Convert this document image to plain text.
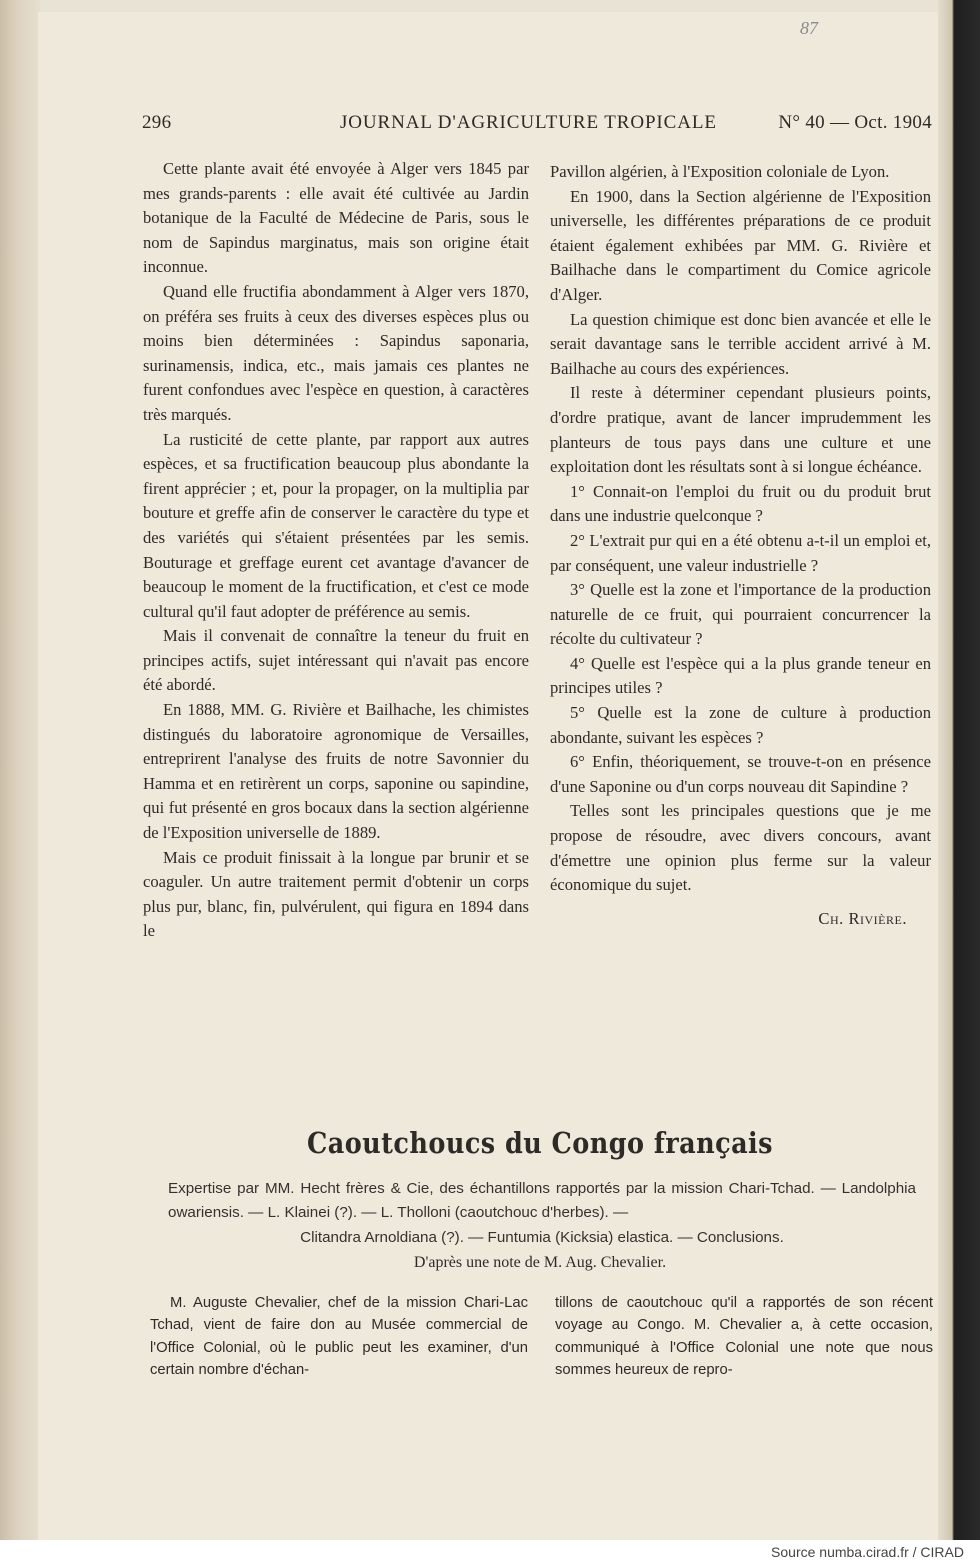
87
296	JOURNAL D'AGRICULTURE TROPICALE	N° 40 — Oct. 1904

Cette plante avait été envoyée à Alger vers 1845 par mes grands-parents : elle avait été cultivée au Jardin botanique de la Faculté de Médecine de Paris, sous le nom de Sapindus marginatus, mais son origine était inconnue.

Quand elle fructifia abondamment à Alger vers 1870, on préféra ses fruits à ceux des diverses espèces plus ou moins bien déterminées : Sapindus saponaria, surinamensis, indica, etc., mais jamais ces plantes ne furent confondues avec l'espèce en question, à caractères très marqués.

La rusticité de cette plante, par rapport aux autres espèces, et sa fructification beaucoup plus abondante la firent apprécier ; et, pour la propager, on la multiplia par bouture et greffe afin de conserver le caractère du type et des variétés qui s'étaient présentées par les semis. Bouturage et greffage eurent cet avantage d'avancer de beaucoup le moment de la fructification, et c'est ce mode cultural qu'il faut adopter de préférence au semis.

Mais il convenait de connaître la teneur du fruit en principes actifs, sujet intéressant qui n'avait pas encore été abordé.

En 1888, MM. G. Rivière et Bailhache, les chimistes distingués du laboratoire agronomique de Versailles, entreprirent l'analyse des fruits de notre Savonnier du Hamma et en retirèrent un corps, saponine ou sapindine, qui fut présenté en gros bocaux dans la section algérienne de l'Exposition universelle de 1889.

Mais ce produit finissait à la longue par brunir et se coaguler. Un autre traitement permit d'obtenir un corps plus pur, blanc, fin, pulvérulent, qui figura en 1894 dans le

Pavillon algérien, à l'Exposition coloniale de Lyon.

En 1900, dans la Section algérienne de l'Exposition universelle, les différentes préparations de ce produit étaient également exhibées par MM. G. Rivière et Bailhache dans le compartiment du Comice agricole d'Alger.

La question chimique est donc bien avancée et elle le serait davantage sans le terrible accident arrivé à M. Bailhache au cours des expériences.

Il reste à déterminer cependant plusieurs points, d'ordre pratique, avant de lancer imprudemment les planteurs de tous pays dans une culture et une exploitation dont les résultats sont à si longue échéance.

1° Connait-on l'emploi du fruit ou du produit brut dans une industrie quelconque ?

2° L'extrait pur qui en a été obtenu a-t-il un emploi et, par conséquent, une valeur industrielle ?

3° Quelle est la zone et l'importance de la production naturelle de ce fruit, qui pourraient concurrencer la récolte du cultivateur ?

4° Quelle est l'espèce qui a la plus grande teneur en principes utiles ?

5° Quelle est la zone de culture à production abondante, suivant les espèces ?

6° Enfin, théoriquement, se trouve-t-on en présence d'une Saponine ou d'un corps nouveau dit Sapindine ?

Telles sont les principales questions que je me propose de résoudre, avec divers concours, avant d'émettre une opinion plus ferme sur la valeur économique du sujet.

Ch. Rivière.

Caoutchoucs du Congo français
Expertise par MM. Hecht frères & Cie, des échantillons rapportés par la mission Chari-Tchad. — Landolphia owariensis. — L. Klainei (?). — L. Tholloni (caoutchouc d'herbes). —
Clitandra Arnoldiana (?). — Funtumia (Kicksia) elastica. — Conclusions.
D'après une note de M. Aug. Chevalier.

M. Auguste Chevalier, chef de la mission Chari-Lac Tchad, vient de faire don au Musée commercial de l'Office Colonial, où le public peut les examiner, d'un certain nombre d'échan-

tillons de caoutchouc qu'il a rapportés de son récent voyage au Congo. M. Chevalier a, à cette occasion, communiqué à l'Office Colonial une note que nous sommes heureux de repro-

Source numba.cirad.fr / CIRAD
